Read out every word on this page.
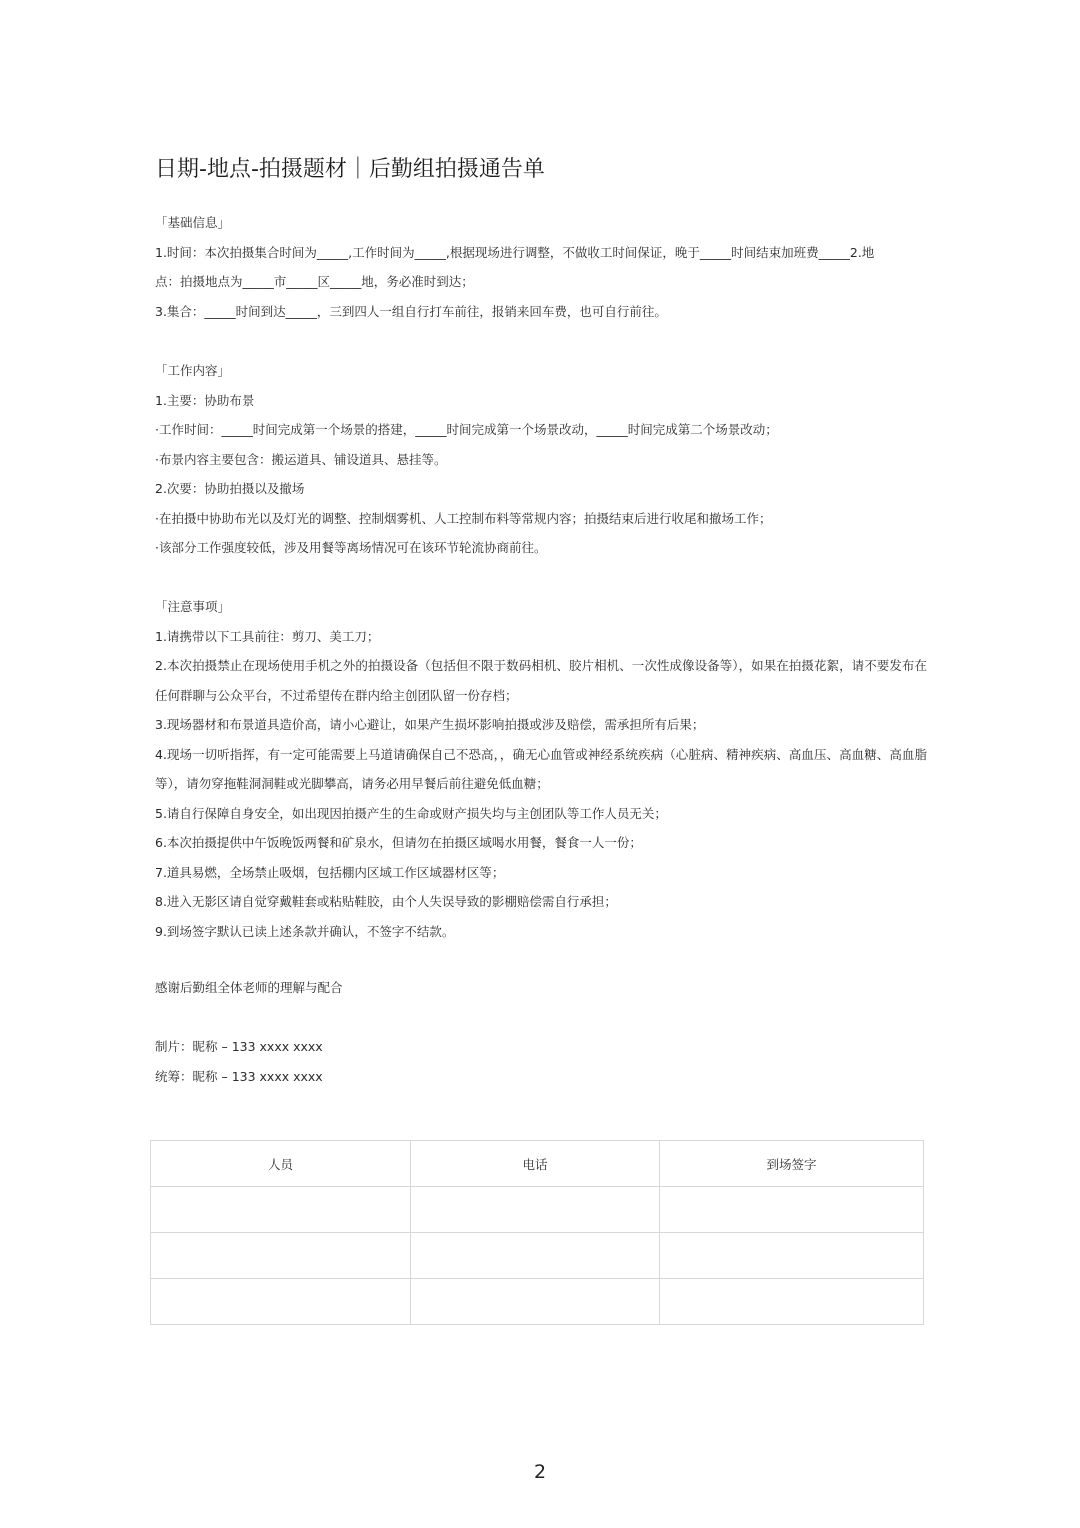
日期-地点-拍摄题材｜后勤组拍摄通告单

「基础信息」

1.时间：本次拍摄集合时间为_____,工作时间为_____,根据现场进行调整，不做收工时间保证，晚于_____时间结束加班费_____2.地

点：拍摄地点为_____市_____区_____地，务必准时到达；

3.集合：_____时间到达_____，三到四人一组自行打车前往，报销来回车费，也可自行前往。

「工作内容」

1.主要：协助布景

·工作时间：_____时间完成第一个场景的搭建，_____时间完成第一个场景改动，_____时间完成第二个场景改动；

·布景内容主要包含：搬运道具、铺设道具、悬挂等。

2.次要：协助拍摄以及撤场

·在拍摄中协助布光以及灯光的调整、控制烟雾机、人工控制布料等常规内容；拍摄结束后进行收尾和撤场工作；

·该部分工作强度较低，涉及用餐等离场情况可在该环节轮流协商前往。

「注意事项」

1.请携带以下工具前往：剪刀、美工刀；

2.本次拍摄禁止在现场使用手机之外的拍摄设备（包括但不限于数码相机、胶片相机、一次性成像设备等），如果在拍摄花絮，请不要发布在任何群聊与公众平台，不过希望传在群内给主创团队留一份存档；

3.现场器材和布景道具造价高，请小心避让，如果产生损坏影响拍摄或涉及赔偿，需承担所有后果；

4.现场一切听指挥，有一定可能需要上马道请确保自己不恐高，，确无心血管或神经系统疾病（心脏病、精神疾病、高血压、高血糖、高血脂等），请勿穿拖鞋洞洞鞋或光脚攀高，请务必用早餐后前往避免低血糖；

5.请自行保障自身安全，如出现因拍摄产生的生命或财产损失均与主创团队等工作人员无关；

6.本次拍摄提供中午饭晚饭两餐和矿泉水，但请勿在拍摄区域喝水用餐，餐食一人一份；

7.道具易燃，全场禁止吸烟，包括棚内区域工作区域器材区等；

8.进入无影区请自觉穿戴鞋套或粘贴鞋胶，由个人失误导致的影棚赔偿需自行承担；

9.到场签字默认已读上述条款并确认，不签字不结款。

感谢后勤组全体老师的理解与配合

制片：昵称 – 133 xxxx xxxx

统筹：昵称 – 133 xxxx xxxx

人员	电话	到场签字

2
